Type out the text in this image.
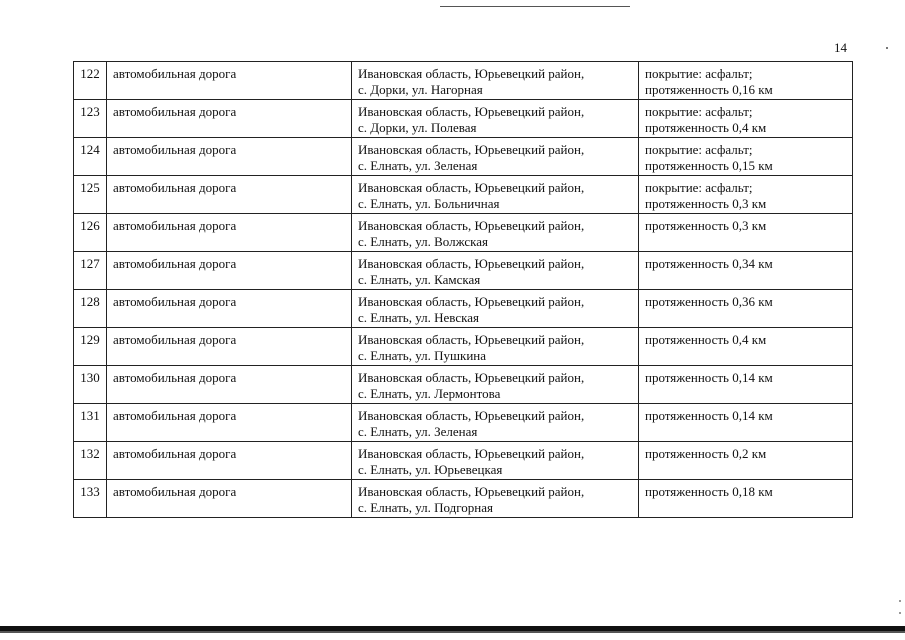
14
122	автомобильная дорога	Ивановская область, Юрьевецкий район,
с. Дорки, ул. Нагорная	покрытие: асфальт;
протяженность 0,16 км

123	автомобильная дорога	Ивановская область, Юрьевецкий район,
с. Дорки, ул. Полевая	покрытие: асфальт;
протяженность 0,4 км

124	автомобильная дорога	Ивановская область, Юрьевецкий район,
с. Елнать, ул. Зеленая	покрытие: асфальт;
протяженность 0,15 км

125	автомобильная дорога	Ивановская область, Юрьевецкий район,
с. Елнать, ул. Больничная	покрытие: асфальт;
протяженность 0,3 км

126	автомобильная дорога	Ивановская область, Юрьевецкий район,
с. Елнать, ул. Волжская	протяженность 0,3 км

127	автомобильная дорога	Ивановская область, Юрьевецкий район,
с. Елнать, ул. Камская	протяженность 0,34 км

128	автомобильная дорога	Ивановская область, Юрьевецкий район,
с. Елнать, ул. Невская	протяженность 0,36 км

129	автомобильная дорога	Ивановская область, Юрьевецкий район,
с. Елнать, ул. Пушкина	протяженность 0,4 км

130	автомобильная дорога	Ивановская область, Юрьевецкий район,
с. Елнать, ул. Лермонтова	протяженность 0,14 км

131	автомобильная дорога	Ивановская область, Юрьевецкий район,
с. Елнать, ул. Зеленая	протяженность 0,14 км

132	автомобильная дорога	Ивановская область, Юрьевецкий район,
с. Елнать, ул. Юрьевецкая	протяженность 0,2 км

133	автомобильная дорога	Ивановская область, Юрьевецкий район,
с. Елнать, ул. Подгорная	протяженность 0,18 км
